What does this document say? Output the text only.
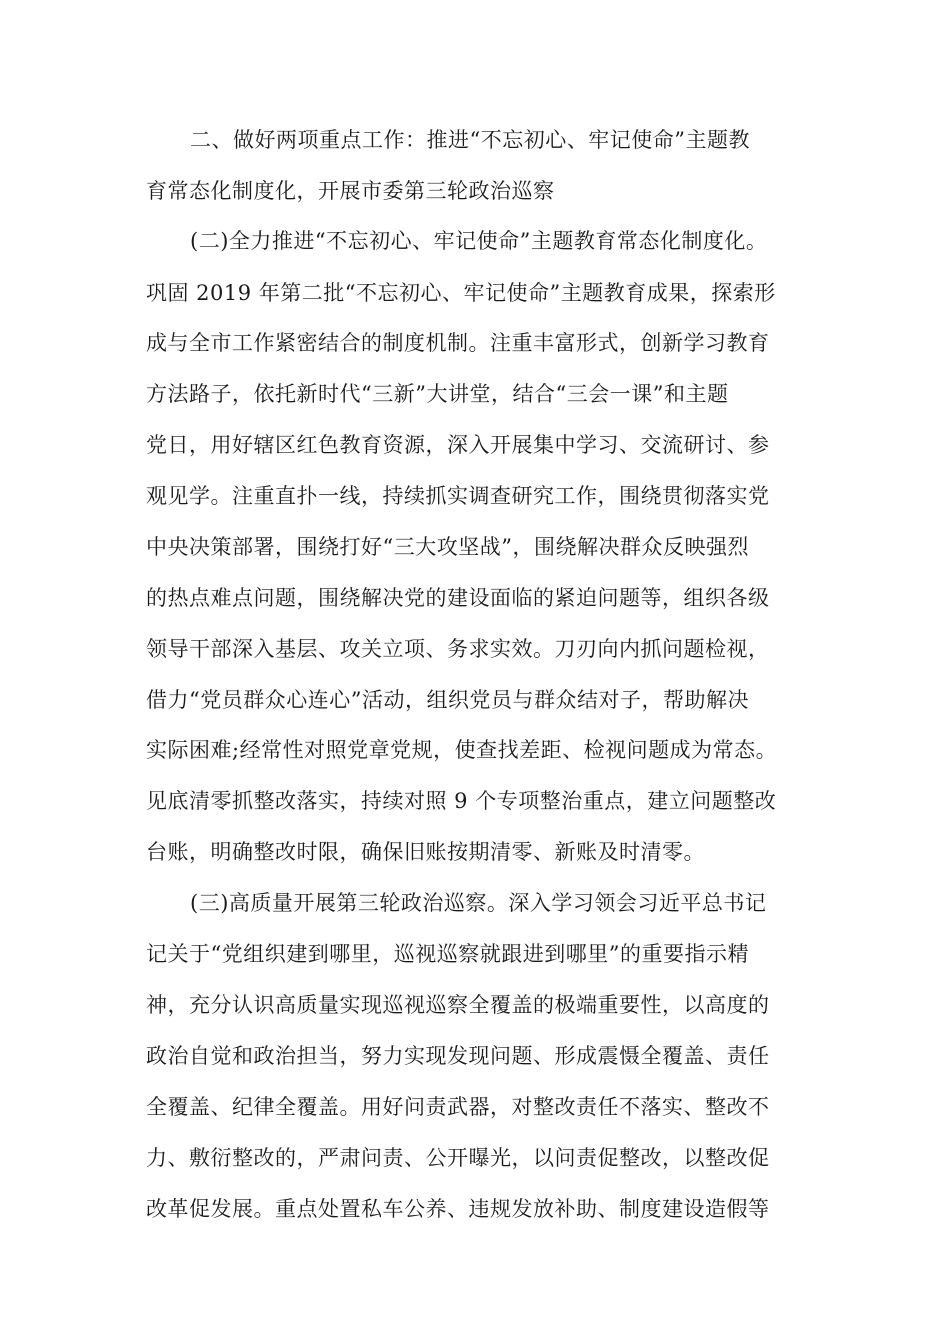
二、做好两项重点工作：推进“不忘初心、牢记使命”主题教
育常态化制度化，开展市委第三轮政治巡察
(二)全力推进“不忘初心、牢记使命”主题教育常态化制度化。
巩固 2019 年第二批“不忘初心、牢记使命”主题教育成果，探索形
成与全市工作紧密结合的制度机制。注重丰富形式，创新学习教育
方法路子，依托新时代“三新”大讲堂，结合“三会一课”和主题
党日，用好辖区红色教育资源，深入开展集中学习、交流研讨、参
观见学。注重直扑一线，持续抓实调查研究工作，围绕贯彻落实党
中央决策部署，围绕打好“三大攻坚战”，围绕解决群众反映强烈
的热点难点问题，围绕解决党的建设面临的紧迫问题等，组织各级
领导干部深入基层、攻关立项、务求实效。刀刃向内抓问题检视，
借力“党员群众心连心”活动，组织党员与群众结对子，帮助解决
实际困难;经常性对照党章党规，使查找差距、检视问题成为常态。
见底清零抓整改落实，持续对照 9 个专项整治重点，建立问题整改
台账，明确整改时限，确保旧账按期清零、新账及时清零。
(三)高质量开展第三轮政治巡察。深入学习领会习近平总书记
记关于“党组织建到哪里，巡视巡察就跟进到哪里”的重要指示精
神，充分认识高质量实现巡视巡察全覆盖的极端重要性，以高度的
政治自觉和政治担当，努力实现发现问题、形成震慑全覆盖、责任
全覆盖、纪律全覆盖。用好问责武器，对整改责任不落实、整改不
力、敷衍整改的，严肃问责、公开曝光，以问责促整改，以整改促
改革促发展。重点处置私车公养、违规发放补助、制度建设造假等
